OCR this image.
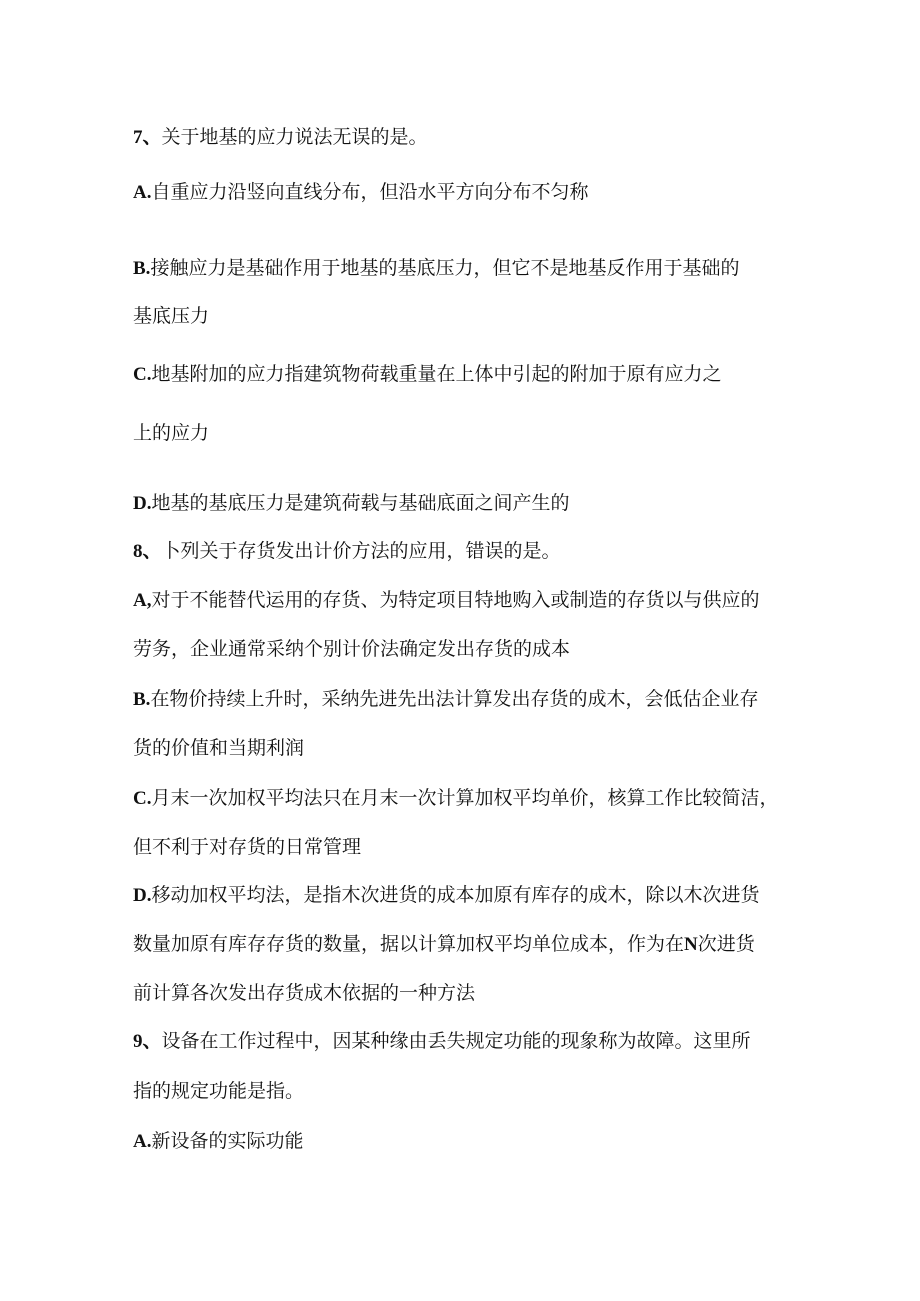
7、关于地基的应力说法无误的是。
A.自重应力沿竖向直线分布，但沿水平方向分布不匀称
B.接触应力是基础作用于地基的基底压力，但它不是地基反作用于基础的
基底压力
C.地基附加的应力指建筑物荷载重量在上体中引起的附加于原有应力之
上的应力
D.地基的基底压力是建筑荷载与基础底面之间产生的
8、卜列关于存货发出计价方法的应用，错误的是。
A,对于不能替代运用的存货、为特定项目特地购入或制造的存货以与供应的
劳务，企业通常采纳个别计价法确定发出存货的成本
B.在物价持续上升时，采纳先进先出法计算发出存货的成木，会低估企业存
货的价值和当期利润
C.月末一次加权平均法只在月末一次计算加权平均单价，核算工作比较简洁，
但不利于对存货的日常管理
D.移动加权平均法，是指木次进货的成本加原有库存的成木，除以木次进货
数量加原有库存存货的数量，据以计算加权平均单位成本，作为在N次进货
前计算各次发出存货成木依据的一种方法
9、设备在工作过程中，因某种缘由丢失规定功能的现象称为故障。这里所
指的规定功能是指。
A.新设备的实际功能
